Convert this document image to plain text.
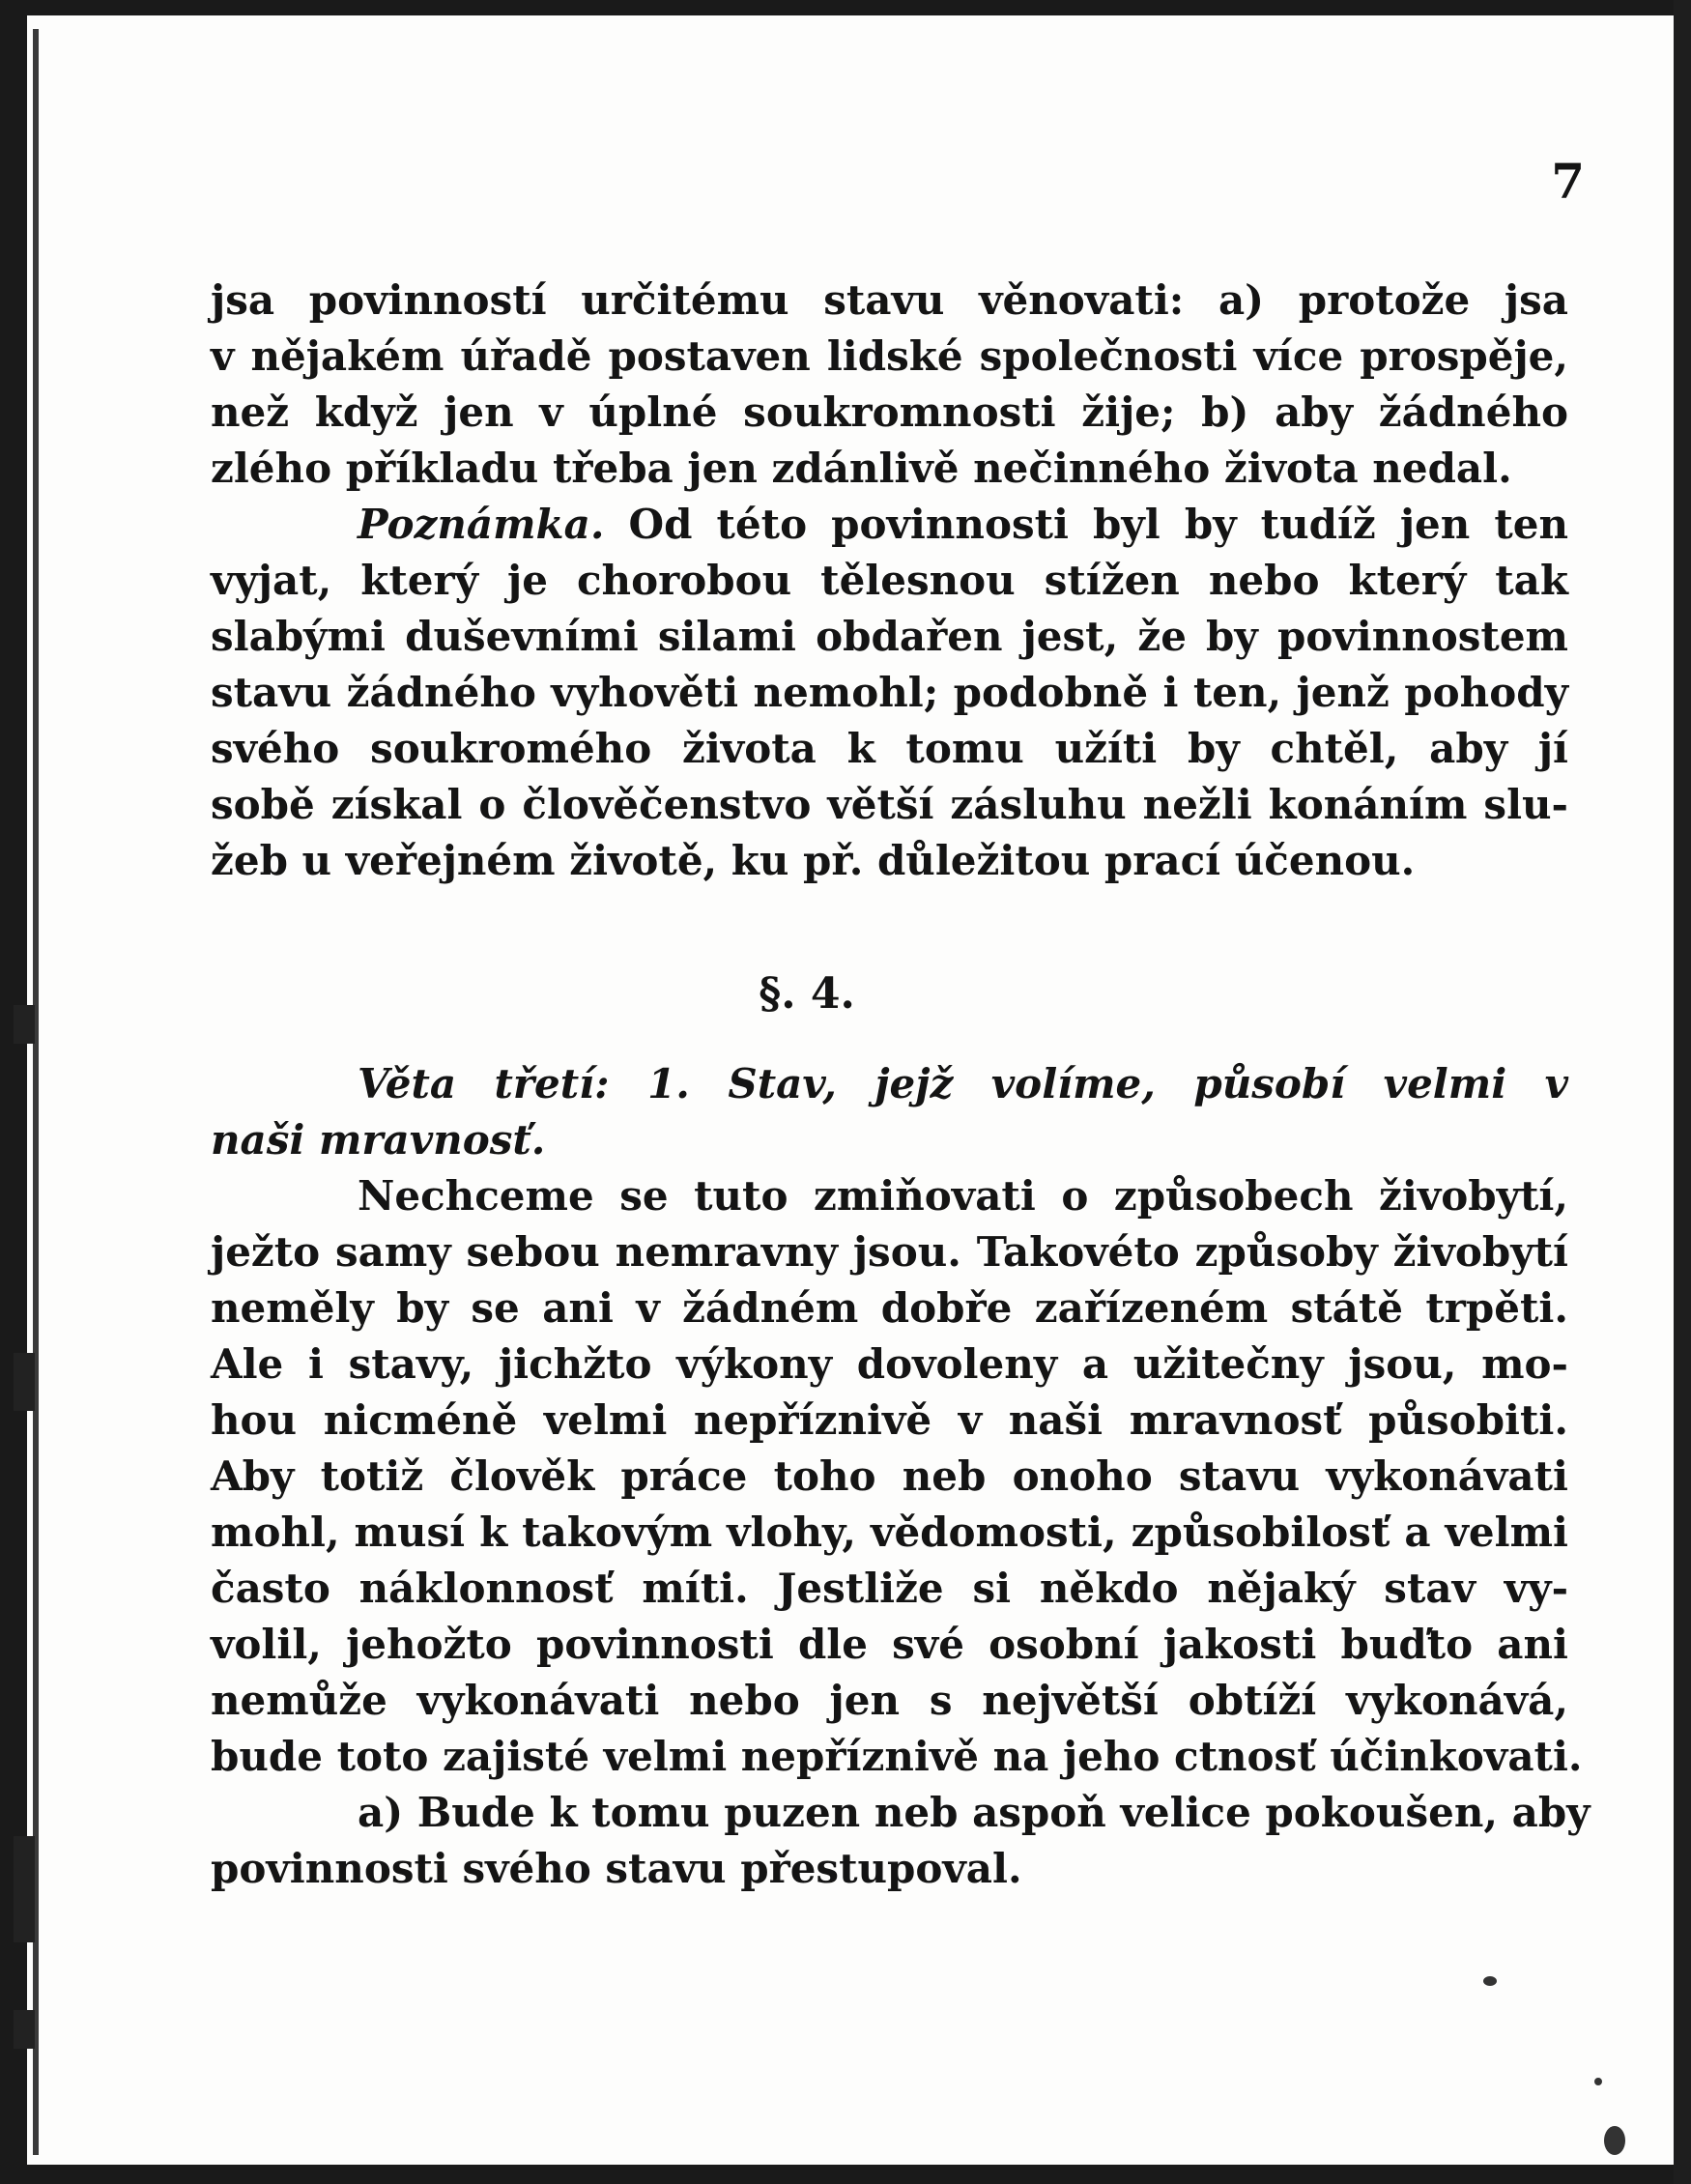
7
jsa povinností určitému stavu věnovati: a) protože jsa
v nějakém úřadě postaven lidské společnosti více prospěje,
než když jen v úplné soukromnosti žije; b) aby žádného
zlého příkladu třeba jen zdánlivě nečinného života nedal.
Poznámka. Od této povinnosti byl by tudíž jen ten
vyjat, který je chorobou tělesnou stížen nebo který tak
slabými duševními silami obdařen jest, že by povinnostem
stavu žádného vyhověti nemohl; podobně i ten, jenž pohody
svého soukromého života k tomu užíti by chtěl, aby jí
sobě získal o člověčenstvo větší zásluhu nežli konáním slu-
žeb u veřejném životě, ku př. důležitou prací účenou.
§. 4.
Věta třetí: 1. Stav, jejž volíme, působí velmi v
naši mravnosť.
Nechceme se tuto zmiňovati o způsobech živobytí,
ježto samy sebou nemravny jsou. Takovéto způsoby živobytí
neměly by se ani v žádném dobře zařízeném státě trpěti.
Ale i stavy, jichžto výkony dovoleny a užitečny jsou, mo-
hou nicméně velmi nepříznivě v naši mravnosť působiti.
Aby totiž člověk práce toho neb onoho stavu vykonávati
mohl, musí k takovým vlohy, vědomosti, způsobilosť a velmi
často náklonnosť míti. Jestliže si někdo nějaký stav vy-
volil, jehožto povinnosti dle své osobní jakosti buďto ani
nemůže vykonávati nebo jen s největší obtíží vykonává,
bude toto zajisté velmi nepříznivě na jeho ctnosť účinkovati.
a) Bude k tomu puzen neb aspoň velice pokoušen, aby
povinnosti svého stavu přestupoval.
